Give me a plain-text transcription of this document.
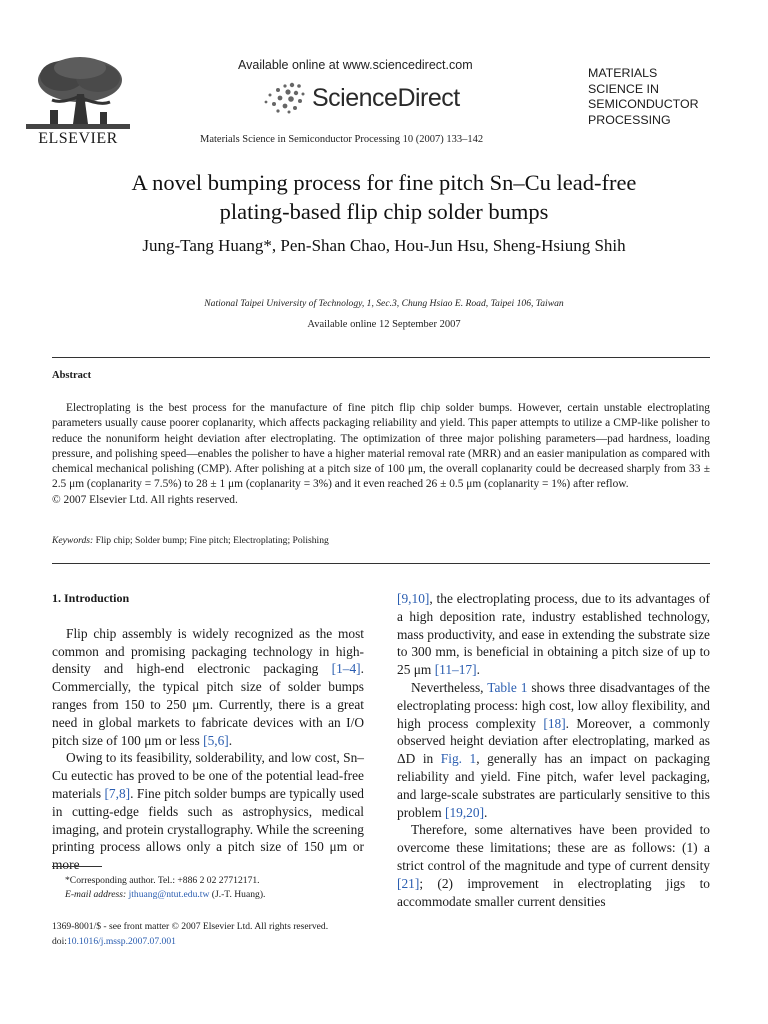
ELSEVIER
Available online at www.sciencedirect.com
ScienceDirect
Materials Science in Semiconductor Processing 10 (2007) 133–142
MATERIALS
SCIENCE IN
SEMICONDUCTOR
PROCESSING
A novel bumping process for fine pitch Sn–Cu lead-free
plating-based flip chip solder bumps
Jung-Tang Huang*, Pen-Shan Chao, Hou-Jun Hsu, Sheng-Hsiung Shih
National Taipei University of Technology, 1, Sec.3, Chung Hsiao E. Road, Taipei 106, Taiwan
Available online 12 September 2007
Abstract

Electroplating is the best process for the manufacture of fine pitch flip chip solder bumps. However, certain unstable electroplating parameters usually cause poorer coplanarity, which affects packaging reliability and yield. This paper attempts to utilize a CMP-like polisher to reduce the nonuniform height deviation after electroplating. The optimization of three major polishing parameters—pad hardness, loading pressure, and polishing speed—enables the polisher to have a higher material removal rate (MRR) and an easier manipulation as compared with chemical mechanical polishing (CMP). After polishing at a pitch size of 100 μm, the overall coplanarity could be decreased sharply from 33 ± 2.5 μm (coplanarity = 7.5%) to 28 ± 1 μm (coplanarity = 3%) and it even reached 26 ± 0.5 μm (coplanarity = 1%) after reflow.

© 2007 Elsevier Ltd. All rights reserved.
Keywords: Flip chip; Solder bump; Fine pitch; Electroplating; Polishing
1. Introduction

Flip chip assembly is widely recognized as the most common and promising packaging technology in high-density and high-end electronic packaging [1–4]. Commercially, the typical pitch size of solder bumps ranges from 150 to 250 μm. Currently, there is a great need in global markets to fabricate devices with an I/O pitch size of 100 μm or less [5,6].

Owing to its feasibility, solderability, and low cost, Sn–Cu eutectic has proved to be one of the potential lead-free materials [7,8]. Fine pitch solder bumps are typically used in cutting-edge fields such as astrophysics, medical imaging, and protein crystallography. While the screening printing process allows only a pitch size of 150 μm or more

[9,10], the electroplating process, due to its advantages of a high deposition rate, industry established technology, mass productivity, and ease in extending the substrate size to 300 mm, is beneficial in obtaining a pitch size of up to 25 μm [11–17].

Nevertheless, Table 1 shows three disadvantages of the electroplating process: high cost, low alloy flexibility, and high process complexity [18]. Moreover, a commonly observed height deviation after electroplating, marked as ΔD in Fig. 1, generally has an impact on packaging reliability and yield. Fine pitch, wafer level packaging, and large-scale substrates are particularly sensitive to this problem [19,20].

Therefore, some alternatives have been provided to overcome these limitations; these are as follows: (1) a strict control of the magnitude and type of current density [21]; (2) improvement in electroplating jigs to accommodate smaller current densities

*Corresponding author. Tel.: +886 2 02 27712171.
E-mail address: jthuang@ntut.edu.tw (J.-T. Huang).
1369-8001/$ - see front matter © 2007 Elsevier Ltd. All rights reserved.
doi:10.1016/j.mssp.2007.07.001
